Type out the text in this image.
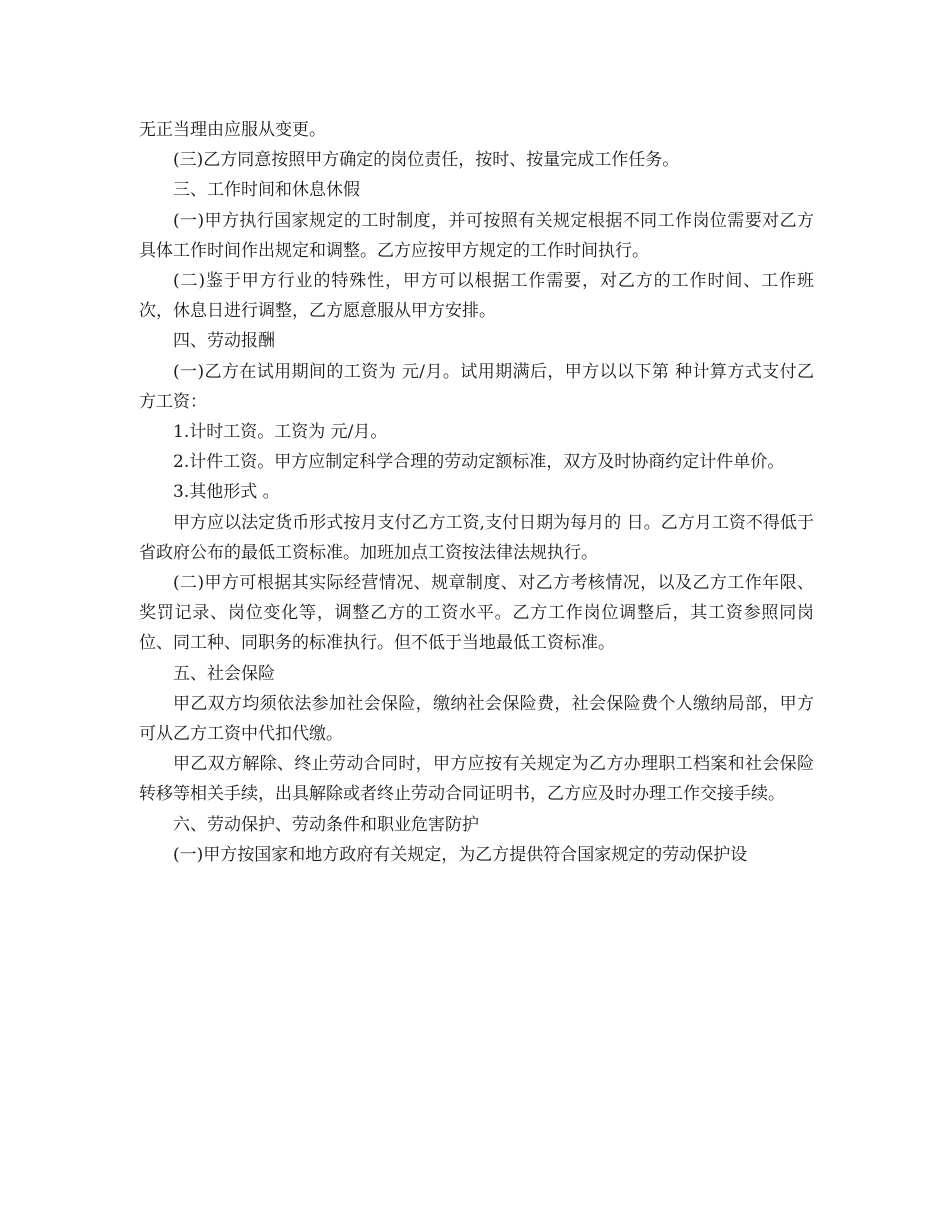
无正当理由应服从变更。

(三)乙方同意按照甲方确定的岗位责任，按时、按量完成工作任务。

三、工作时间和休息休假

(一)甲方执行国家规定的工时制度，并可按照有关规定根据不同工作岗位需要对乙方具体工作时间作出规定和调整。乙方应按甲方规定的工作时间执行。

(二)鉴于甲方行业的特殊性，甲方可以根据工作需要，对乙方的工作时间、工作班次，休息日进行调整，乙方愿意服从甲方安排。

四、劳动报酬

(一)乙方在试用期间的工资为 元/月。试用期满后，甲方以以下第 种计算方式支付乙方工资：

1.计时工资。工资为 元/月。

2.计件工资。甲方应制定科学合理的劳动定额标准，双方及时协商约定计件单价。

3.其他形式 。

甲方应以法定货币形式按月支付乙方工资,支付日期为每月的 日。乙方月工资不得低于省政府公布的最低工资标准。加班加点工资按法律法规执行。

(二)甲方可根据其实际经营情况、规章制度、对乙方考核情况，以及乙方工作年限、奖罚记录、岗位变化等，调整乙方的工资水平。乙方工作岗位调整后，其工资参照同岗位、同工种、同职务的标准执行。但不低于当地最低工资标准。

五、社会保险

甲乙双方均须依法参加社会保险，缴纳社会保险费，社会保险费个人缴纳局部，甲方可从乙方工资中代扣代缴。

甲乙双方解除、终止劳动合同时，甲方应按有关规定为乙方办理职工档案和社会保险转移等相关手续，出具解除或者终止劳动合同证明书，乙方应及时办理工作交接手续。

六、劳动保护、劳动条件和职业危害防护

(一)甲方按国家和地方政府有关规定，为乙方提供符合国家规定的劳动保护设
